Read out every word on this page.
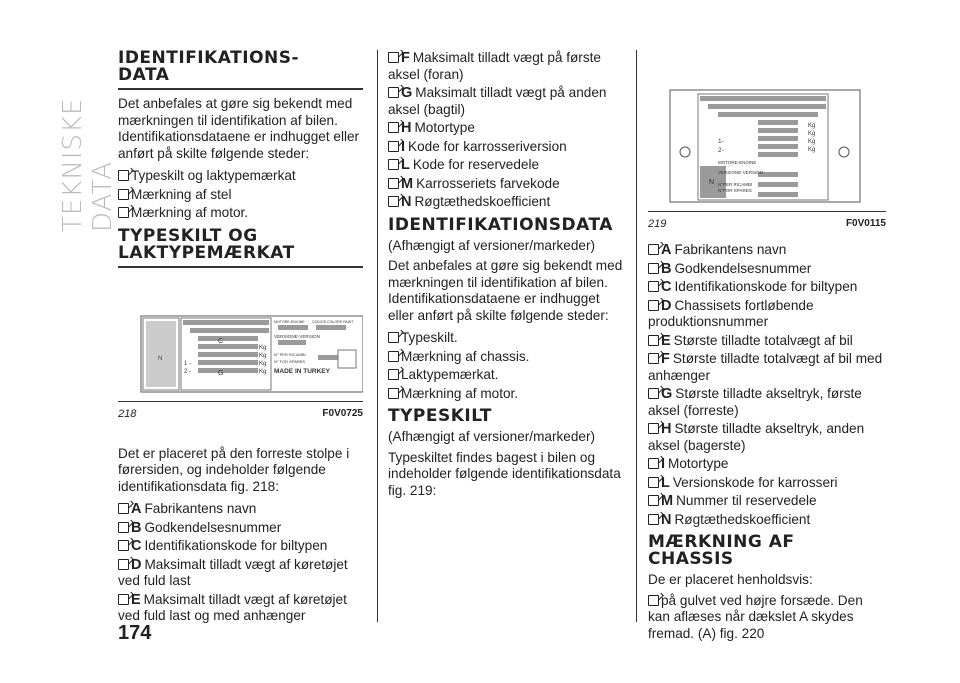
TEKNISKE DATA
174
IDENTIFIKATIONS-
DATA

Det anbefales at gøre sig bekendt med mærkningen til identifikation af bilen. Identifikationsdataene er indhugget eller anført på skilte følgende steder:

Typeskilt og laktypemærkat
Mærkning af stel
Mærkning af motor.
TYPESKILT OG
LAKTYPEMÆRKAT
N
C
G
Kg
Kg
Kg
Kg
1 -
2 -
MOTORE-ENGINE CODICE COLORE PAINT
VERSIONE-VERSION
N° PER RICAMBI
N° FOR SPARES
MADE IN TURKEY
218	F0V0725

Det er placeret på den forreste stolpe i førersiden, og indeholder følgende identifikationsdata fig. 218:

A Fabrikantens navn
B Godkendelsesnummer
C Identifikationskode for biltypen
D Maksimalt tilladt vægt af køretøjet ved fuld last
E Maksimalt tilladt vægt af køretøjet ved fuld last og med anhænger
F Maksimalt tilladt vægt på første aksel (foran)
G Maksimalt tilladt vægt på anden aksel (bagtil)
H Motortype
I Kode for karrosseriversion
L Kode for reservedele
M Karrosseriets farvekode
N Røgtæthedskoefficient
IDENTIFIKATIONSDATA

(Afhængigt af versioner/markeder)

Det anbefales at gøre sig bekendt med mærkningen til identifikation af bilen. Identifikationsdataene er indhugget eller anført på skilte følgende steder:

Typeskilt.
Mærkning af chassis.
Laktypemærkat.
Mærkning af motor.
TYPESKILT

(Afhængigt af versioner/markeder)

Typeskiltet findes bagest i bilen og indeholder følgende identifikationsdata fig. 219:

N
Kg
Kg
Kg
Kg
1-
2-
MOTORE-ENGINE
VERSIONE-VERSION
N°PER RICAMBI
N°FOR SPARES
219	F0V0115
A Fabrikantens navn
B Godkendelsesnummer
C Identifikationskode for biltypen
D Chassisets fortløbende produktionsnummer
E Største tilladte totalvægt af bil
F Største tilladte totalvægt af bil med anhænger
G Største tilladte akseltryk, første aksel (forreste)
H Største tilladte akseltryk, anden aksel (bagerste)
I Motortype
L Versionskode for karrosseri
M Nummer til reservedele
N Røgtæthedskoefficient
MÆRKNING AF CHASSIS

De er placeret henholdsvis:

på gulvet ved højre forsæde. Den kan aflæses når dækslet A skydes fremad. (A) fig. 220
